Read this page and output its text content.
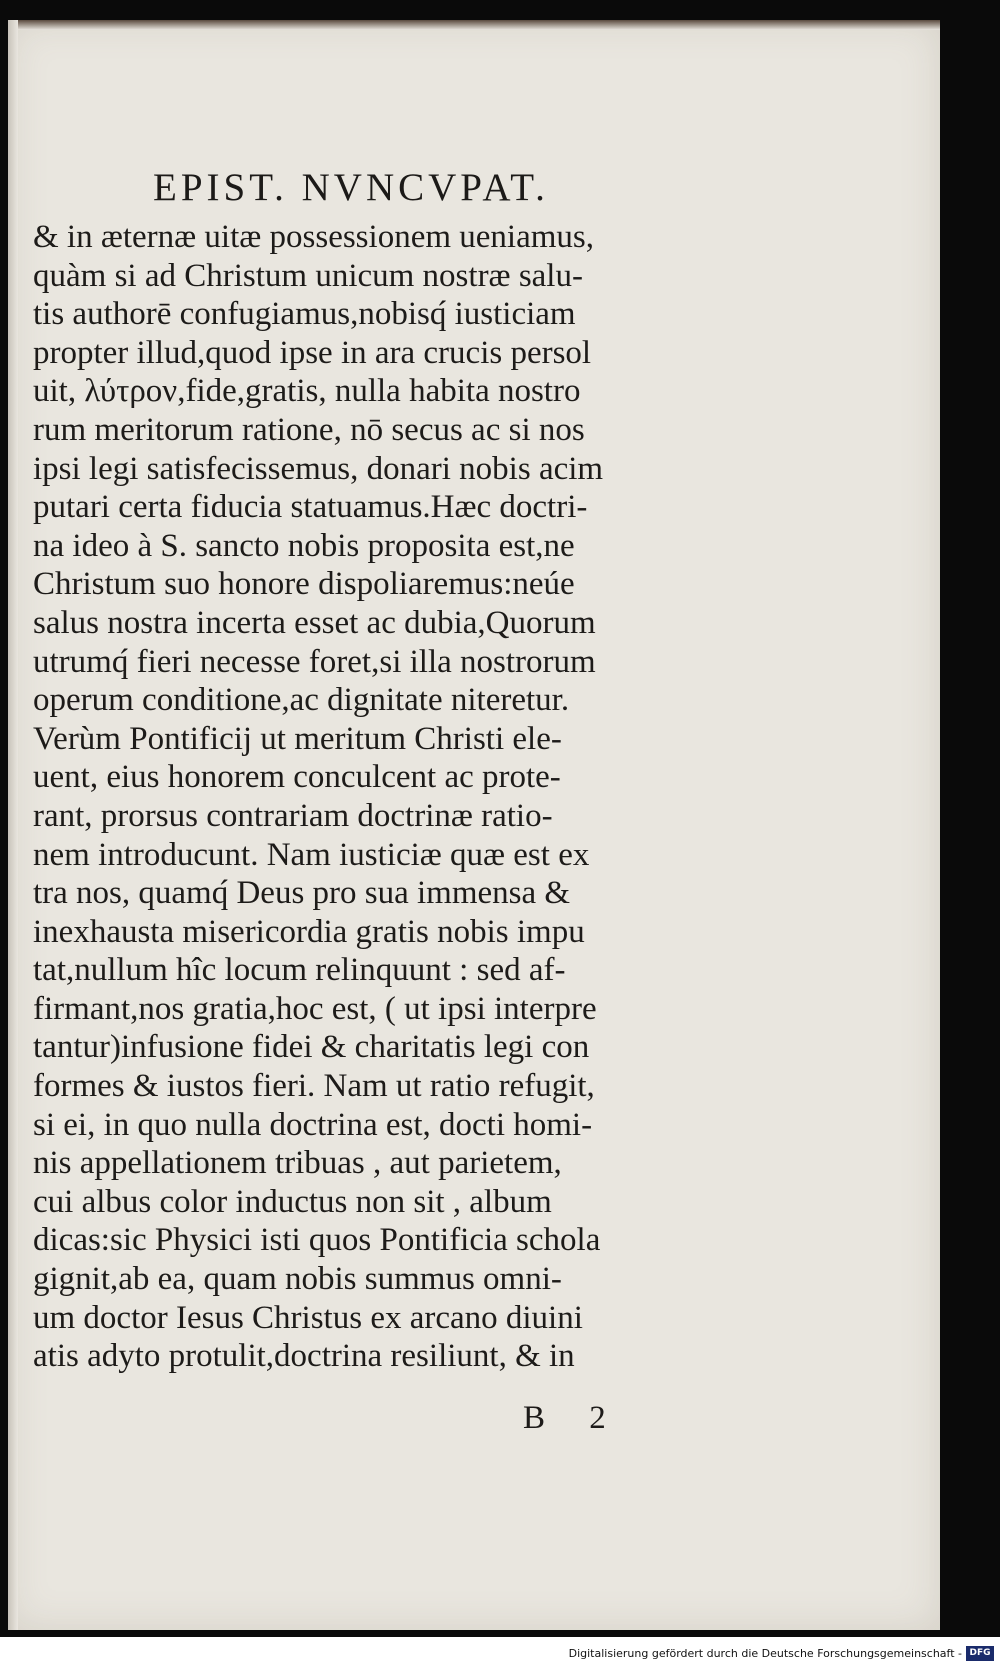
EPIST. NVNCVPAT.
& in æternæ uitæ possessionem ueniamus,
quàm si ad Christum unicum nostræ salu-
tis authorē confugiamus,nobisq́ iusticiam
propter illud,quod ipse in ara crucis persol
uit, λύτρον,fide,gratis, nulla habita nostro
rum meritorum ratione, nō secus ac si nos
ipsi legi satisfecissemus, donari nobis acim
putari certa fiducia statuamus.Hæc doctri-
na ideo à S. sancto nobis proposita est,ne
Christum suo honore dispoliaremus:neúe
salus nostra incerta esset ac dubia,Quorum
utrumq́ fieri necesse foret,si illa nostrorum
operum conditione,ac dignitate niteretur.
Verùm Pontificij ut meritum Christi ele-
uent, eius honorem conculcent ac prote-
rant, prorsus contrariam doctrinæ ratio-
nem introducunt. Nam iusticiæ quæ est ex
tra nos, quamq́ Deus pro sua immensa &
inexhausta misericordia gratis nobis impu
tat,nullum hîc locum relinquunt : sed af-
firmant,nos gratia,hoc est, ( ut ipsi interpre
tantur)infusione fidei & charitatis legi con
formes & iustos fieri. Nam ut ratio refugit,
si ei, in quo nulla doctrina est, docti homi-
nis appellationem tribuas , aut parietem,
cui albus color inductus non sit , album
dicas:sic Physici isti quos Pontificia schola
gignit,ab ea, quam nobis summus omni-
um doctor Iesus Christus ex arcano diuini
atis adyto protulit,doctrina resiliunt, & in
B 2
Digitalisierung gefördert durch die Deutsche Forschungsgemeinschaft - DFG
